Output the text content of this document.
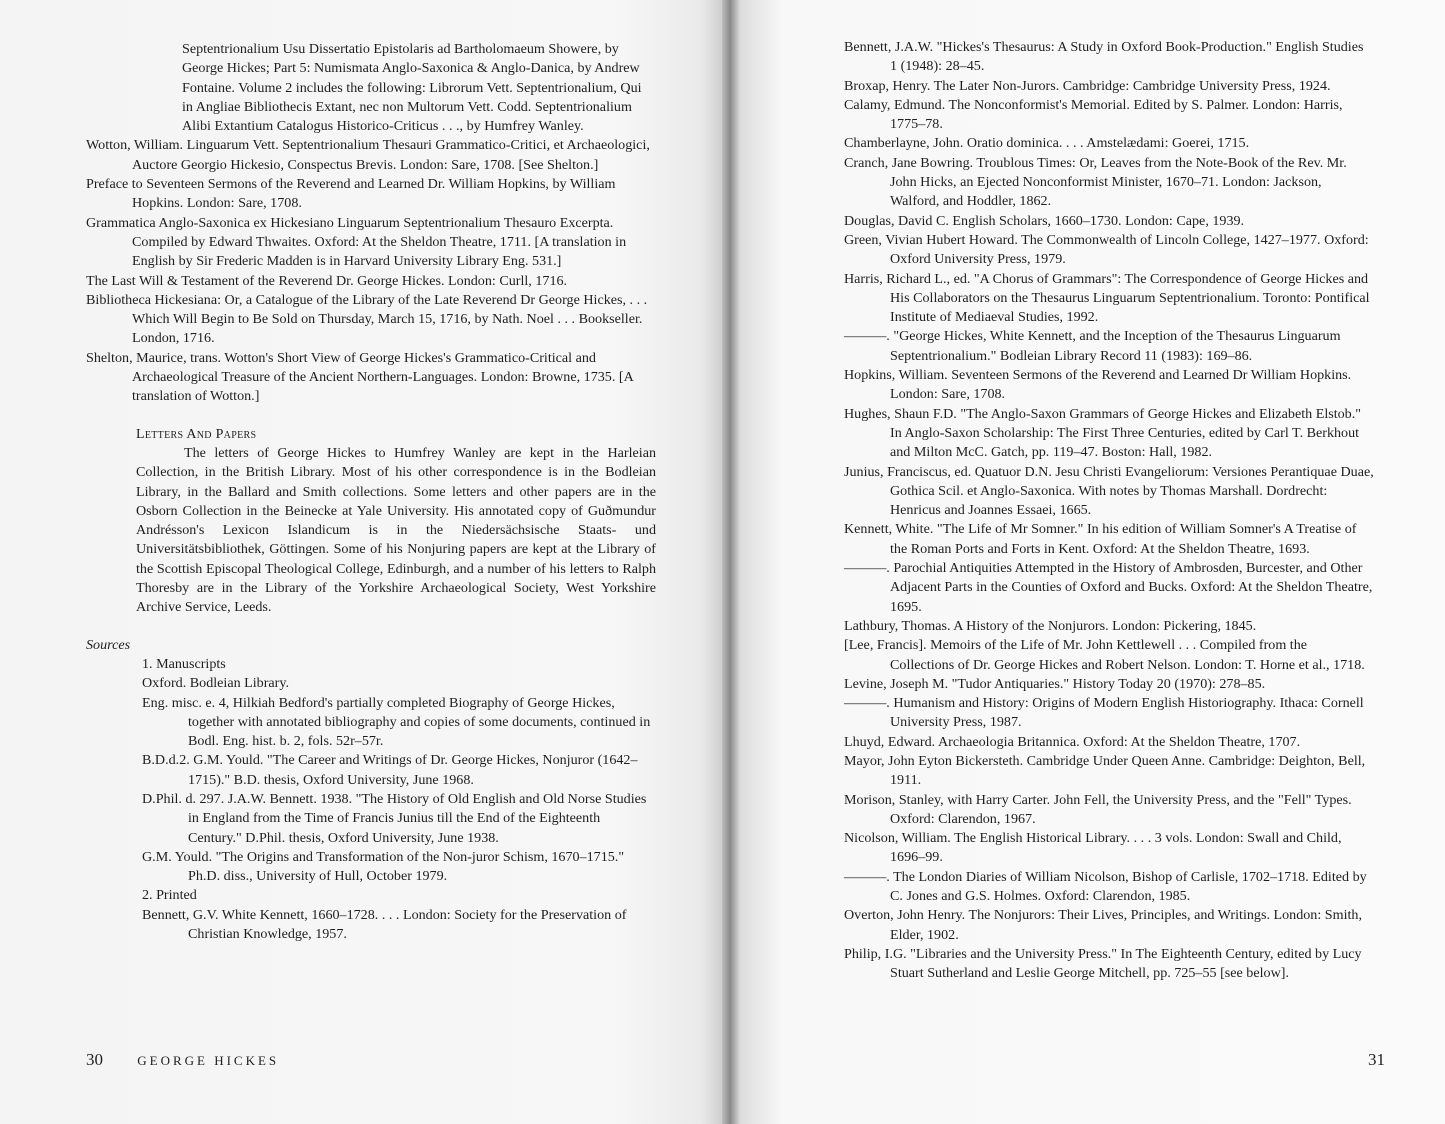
Septentrionalium Usu Dissertatio Epistolaris ad Bartholomaeum Showere, by George Hickes; Part 5: Numismata Anglo-Saxonica & Anglo-Danica, by Andrew Fontaine. Volume 2 includes the following: Librorum Vett. Septentrionalium, Qui in Angliae Bibliothecis Extant, nec non Multorum Vett. Codd. Septentrionalium Alibi Extantium Catalogus Historico-Criticus . . ., by Humfrey Wanley.

Wotton, William. Linguarum Vett. Septentrionalium Thesauri Grammatico-Critici, et Archaeologici, Auctore Georgio Hickesio, Conspectus Brevis. London: Sare, 1708. [See Shelton.]

Preface to Seventeen Sermons of the Reverend and Learned Dr. William Hopkins, by William Hopkins. London: Sare, 1708.

Grammatica Anglo-Saxonica ex Hickesiano Linguarum Septentrionalium Thesauro Excerpta. Compiled by Edward Thwaites. Oxford: At the Sheldon Theatre, 1711. [A translation in English by Sir Frederic Madden is in Harvard University Library Eng. 531.]

The Last Will & Testament of the Reverend Dr. George Hickes. London: Curll, 1716.

Bibliotheca Hickesiana: Or, a Catalogue of the Library of the Late Reverend Dr George Hickes, . . . Which Will Begin to Be Sold on Thursday, March 15, 1716, by Nath. Noel . . . Bookseller. London, 1716.

Shelton, Maurice, trans. Wotton's Short View of George Hickes's Grammatico-Critical and Archaeological Treasure of the Ancient Northern-Languages. London: Browne, 1735. [A translation of Wotton.]

Letters And Papers

The letters of George Hickes to Humfrey Wanley are kept in the Harleian Collection, in the British Library. Most of his other correspondence is in the Bodleian Library, in the Ballard and Smith collections. Some letters and other papers are in the Osborn Collection in the Beinecke at Yale University. His annotated copy of Guðmundur Andrésson's Lexicon Islandicum is in the Niedersächsische Staats- und Universitätsbibliothek, Göttingen. Some of his Nonjuring papers are kept at the Library of the Scottish Episcopal Theological College, Edinburgh, and a number of his letters to Ralph Thoresby are in the Library of the Yorkshire Archaeological Society, West Yorkshire Archive Service, Leeds.

Sources
1. Manuscripts
Oxford. Bodleian Library.

Eng. misc. e. 4, Hilkiah Bedford's partially completed Biography of George Hickes, together with annotated bibliography and copies of some documents, continued in Bodl. Eng. hist. b. 2, fols. 52r–57r.

B.D.d.2. G.M. Yould. "The Career and Writings of Dr. George Hickes, Nonjuror (1642–1715)." B.D. thesis, Oxford University, June 1968.

D.Phil. d. 297. J.A.W. Bennett. 1938. "The History of Old English and Old Norse Studies in England from the Time of Francis Junius till the End of the Eighteenth Century." D.Phil. thesis, Oxford University, June 1938.

G.M. Yould. "The Origins and Transformation of the Non-juror Schism, 1670–1715." Ph.D. diss., University of Hull, October 1979.

2. Printed

Bennett, G.V. White Kennett, 1660–1728. . . . London: Society for the Preservation of Christian Knowledge, 1957.

30	GEORGE HICKES

Bennett, J.A.W. "Hickes's Thesaurus: A Study in Oxford Book-Production." English Studies 1 (1948): 28–45.

Broxap, Henry. The Later Non-Jurors. Cambridge: Cambridge University Press, 1924.

Calamy, Edmund. The Nonconformist's Memorial. Edited by S. Palmer. London: Harris, 1775–78.

Chamberlayne, John. Oratio dominica. . . . Amstelædami: Goerei, 1715.

Cranch, Jane Bowring. Troublous Times: Or, Leaves from the Note-Book of the Rev. Mr. John Hicks, an Ejected Nonconformist Minister, 1670–71. London: Jackson, Walford, and Hoddler, 1862.

Douglas, David C. English Scholars, 1660–1730. London: Cape, 1939.

Green, Vivian Hubert Howard. The Commonwealth of Lincoln College, 1427–1977. Oxford: Oxford University Press, 1979.

Harris, Richard L., ed. "A Chorus of Grammars": The Correspondence of George Hickes and His Collaborators on the Thesaurus Linguarum Septentrionalium. Toronto: Pontifical Institute of Mediaeval Studies, 1992.

———. "George Hickes, White Kennett, and the Inception of the Thesaurus Linguarum Septentrionalium." Bodleian Library Record 11 (1983): 169–86.

Hopkins, William. Seventeen Sermons of the Reverend and Learned Dr William Hopkins. London: Sare, 1708.

Hughes, Shaun F.D. "The Anglo-Saxon Grammars of George Hickes and Elizabeth Elstob." In Anglo-Saxon Scholarship: The First Three Centuries, edited by Carl T. Berkhout and Milton McC. Gatch, pp. 119–47. Boston: Hall, 1982.

Junius, Franciscus, ed. Quatuor D.N. Jesu Christi Evangeliorum: Versiones Perantiquae Duae, Gothica Scil. et Anglo-Saxonica. With notes by Thomas Marshall. Dordrecht: Henricus and Joannes Essaei, 1665.

Kennett, White. "The Life of Mr Somner." In his edition of William Somner's A Treatise of the Roman Ports and Forts in Kent. Oxford: At the Sheldon Theatre, 1693.

———. Parochial Antiquities Attempted in the History of Ambrosden, Burcester, and Other Adjacent Parts in the Counties of Oxford and Bucks. Oxford: At the Sheldon Theatre, 1695.

Lathbury, Thomas. A History of the Nonjurors. London: Pickering, 1845.

[Lee, Francis]. Memoirs of the Life of Mr. John Kettlewell . . . Compiled from the Collections of Dr. George Hickes and Robert Nelson. London: T. Horne et al., 1718.

Levine, Joseph M. "Tudor Antiquaries." History Today 20 (1970): 278–85.

———. Humanism and History: Origins of Modern English Historiography. Ithaca: Cornell University Press, 1987.

Lhuyd, Edward. Archaeologia Britannica. Oxford: At the Sheldon Theatre, 1707.

Mayor, John Eyton Bickersteth. Cambridge Under Queen Anne. Cambridge: Deighton, Bell, 1911.

Morison, Stanley, with Harry Carter. John Fell, the University Press, and the "Fell" Types. Oxford: Clarendon, 1967.

Nicolson, William. The English Historical Library. . . . 3 vols. London: Swall and Child, 1696–99.

———. The London Diaries of William Nicolson, Bishop of Carlisle, 1702–1718. Edited by C. Jones and G.S. Holmes. Oxford: Clarendon, 1985.

Overton, John Henry. The Nonjurors: Their Lives, Principles, and Writings. London: Smith, Elder, 1902.

Philip, I.G. "Libraries and the University Press." In The Eighteenth Century, edited by Lucy Stuart Sutherland and Leslie George Mitchell, pp. 725–55 [see below].

31
